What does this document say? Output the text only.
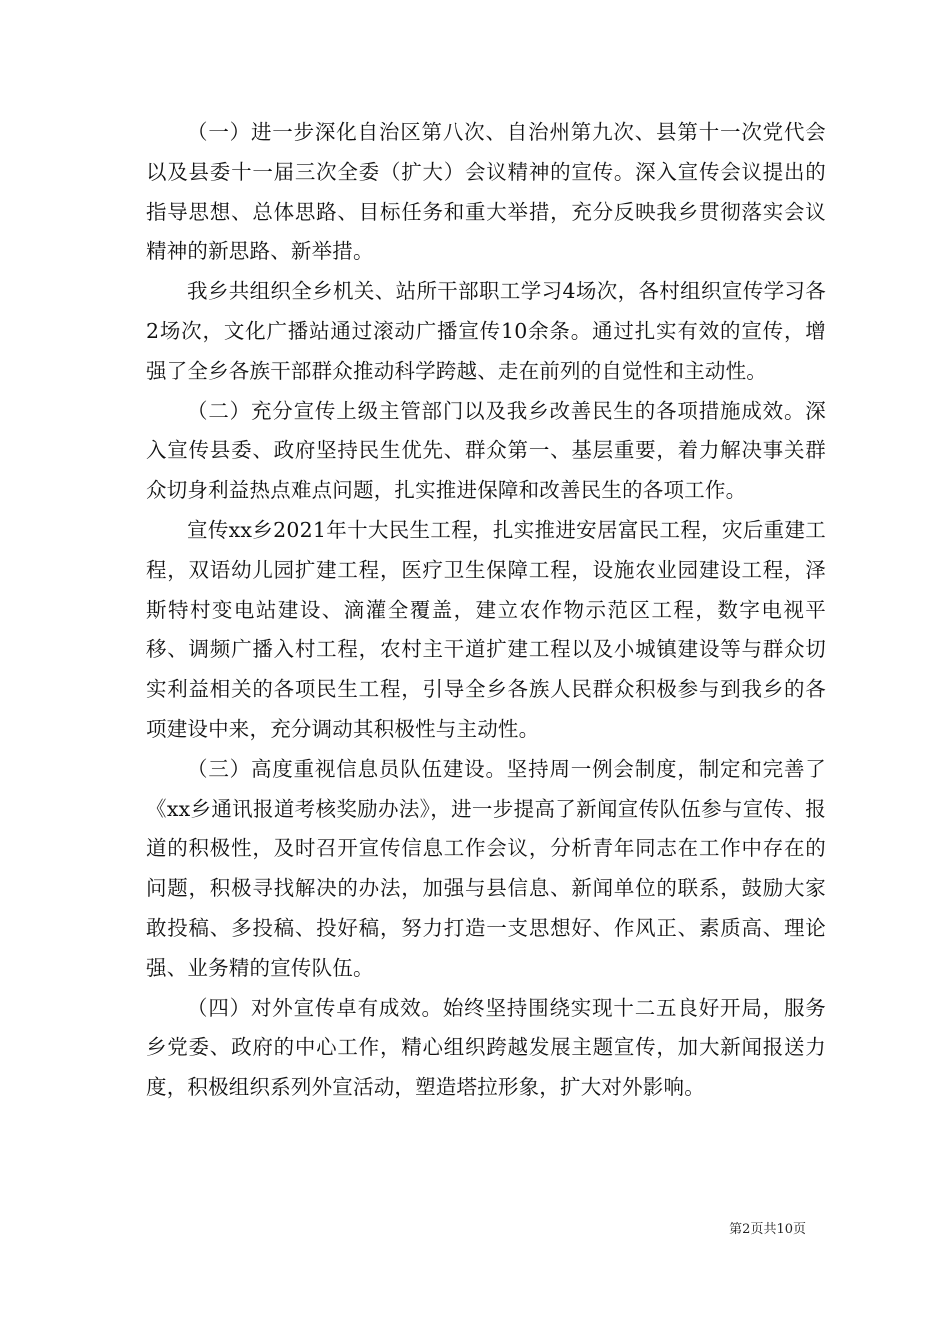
（一）进一步深化自治区第八次、自治州第九次、县第十一次党代会以及县委十一届三次全委（扩大）会议精神的宣传。深入宣传会议提出的指导思想、总体思路、目标任务和重大举措，充分反映我乡贯彻落实会议精神的新思路、新举措。

我乡共组织全乡机关、站所干部职工学习4场次，各村组织宣传学习各2场次，文化广播站通过滚动广播宣传10余条。通过扎实有效的宣传，增强了全乡各族干部群众推动科学跨越、走在前列的自觉性和主动性。

（二）充分宣传上级主管部门以及我乡改善民生的各项措施成效。深入宣传县委、政府坚持民生优先、群众第一、基层重要，着力解决事关群众切身利益热点难点问题，扎实推进保障和改善民生的各项工作。

宣传xx乡2021年十大民生工程，扎实推进安居富民工程，灾后重建工程，双语幼儿园扩建工程，医疗卫生保障工程，设施农业园建设工程，泽斯特村变电站建设、滴灌全覆盖，建立农作物示范区工程，数字电视平移、调频广播入村工程，农村主干道扩建工程以及小城镇建设等与群众切实利益相关的各项民生工程，引导全乡各族人民群众积极参与到我乡的各项建设中来，充分调动其积极性与主动性。

（三）高度重视信息员队伍建设。坚持周一例会制度，制定和完善了《xx乡通讯报道考核奖励办法》，进一步提高了新闻宣传队伍参与宣传、报道的积极性，及时召开宣传信息工作会议，分析青年同志在工作中存在的问题，积极寻找解决的办法，加强与县信息、新闻单位的联系，鼓励大家敢投稿、多投稿、投好稿，努力打造一支思想好、作风正、素质高、理论强、业务精的宣传队伍。

（四）对外宣传卓有成效。始终坚持围绕实现十二五良好开局，服务乡党委、政府的中心工作，精心组织跨越发展主题宣传，加大新闻报送力度，积极组织系列外宣活动，塑造塔拉形象，扩大对外影响。

第2页共10页
